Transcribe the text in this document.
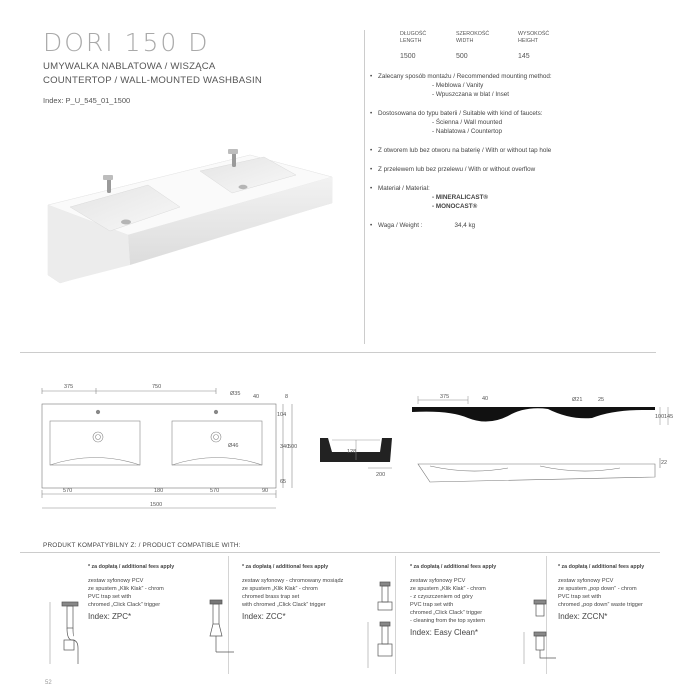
DORI 150 D
UMYWALKA NABLATOWA / WISZĄCA
COUNTERTOP / WALL-MOUNTED WASHBASIN
Index: P_U_545_01_1500
DŁUGOŚĆ
LENGTH
1500
SZEROKOŚĆ
WIDTH
500
WYSOKOŚĆ
HEIGHT
145
• Zalecany sposób montażu / Recommended mounting method:
- Meblowa / Vanity
- Wpuszczana w blat / Inset
• Dostosowana do typu baterii / Suitable with kind of faucets:
- Ścienna / Wall mounted
- Nablatowa / Countertop
• Z otworem lub bez otworu na baterię / With or without tap hole
• Z przelewem lub bez przelewu / With or without overflow
• Materiał / Material:
- MINERALICAST®
- MONOCAST®
• Waga / Weight :	34,4 kg
375	750
Ø35
Ø46
570	180	570	90
1500
40
104
8
340
500
65
128
200
375	40	Ø21	25
100 145
22
PRODUKT KOMPATYBILNY Z: / PRODUCT COMPATIBLE WITH:
* za dopłatą / additional fees apply
zestaw syfonowy PCV
ze spustem „Klik Klak” - chrom
PVC trap set with
chromed „Click Clack” trigger
Index: ZPC*
* za dopłatą / additional fees apply
zestaw syfonowy - chromowany mosiądz
ze spustem „Klik Klak” - chrom
chromed brass trap set
with chromed „Click Clack” trigger
Index: ZCC*
* za dopłatą / additional fees apply
zestaw syfonowy PCV
ze spustem „Klik Klak” - chrom
- z czyszczeniem od góry
PVC trap set with
chromed „Click Clack” trigger
- cleaning from the top system
Index: Easy Clean*
* za dopłatą / additional fees apply
zestaw syfonowy PCV
ze spustem „pop down” - chrom
PVC trap set with
chromed „pop down” waste trigger
Index: ZCCN*
52
